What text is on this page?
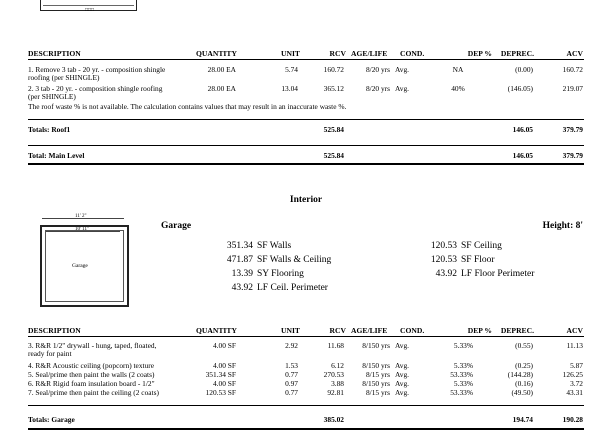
□□□
DESCRIPTION	QUANTITY	UNIT	RCV AGE/LIFE COND.	DEP %	DEPREC.	ACV
1. Remove 3 tab - 20 yr. - composition shingle
roofing (per SHINGLE)
28.00 EA	5.74	160.72	8/20 yrs Avg.	NA	(0.00)	160.72
2. 3 tab - 20 yr. - composition shingle roofing
(per SHINGLE)
28.00 EA	13.04	365.12	8/20 yrs Avg.	40%	(146.05)	219.07
The roof waste % is not available. The calculation contains values that may result in an inaccurate waste %.
Totals: Roof1	525.84	146.05	379.79
Total: Main Level	525.84	146.05	379.79
Interior
11' 2"
10' 11"
Garage
Garage	Height: 8'
351.34 SF Walls
471.87 SF Walls & Ceiling
13.39 SY Flooring
43.92 LF Ceil. Perimeter
120.53 SF Ceiling
120.53 SF Floor
43.92 LF Floor Perimeter
DESCRIPTION	QUANTITY	UNIT	RCV AGE/LIFE COND.	DEP %	DEPREC.	ACV
3. R&R 1/2" drywall - hung, taped, floated,
ready for paint
4.00 SF	2.92	11.68	8/150 yrs Avg.	5.33%	(0.55)	11.13
4. R&R Acoustic ceiling (popcorn) texture	4.00 SF	1.53	6.12	8/150 yrs Avg.	5.33%	(0.25)	5.87
5. Seal/prime then paint the walls (2 coats)	351.34 SF	0.77	270.53	8/15 yrs Avg.	53.33%	(144.28)	126.25
6. R&R Rigid foam insulation board - 1/2"	4.00 SF	0.97	3.88	8/150 yrs Avg.	5.33%	(0.16)	3.72
7. Seal/prime then paint the ceiling (2 coats)	120.53 SF	0.77	92.81	8/15 yrs Avg.	53.33%	(49.50)	43.31
Totals: Garage	385.02	194.74	190.28
